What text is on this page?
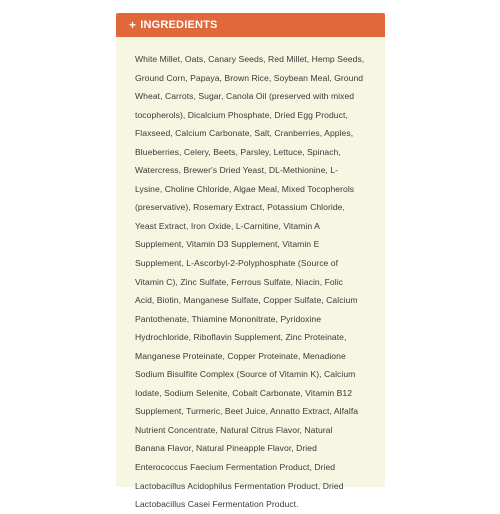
+ INGREDIENTS

White Millet, Oats, Canary Seeds, Red Millet, Hemp Seeds,
Ground Corn, Papaya, Brown Rice, Soybean Meal, Ground
Wheat, Carrots, Sugar, Canola Oil (preserved with mixed
tocopherols), Dicalcium Phosphate, Dried Egg Product,
Flaxseed, Calcium Carbonate, Salt, Cranberries, Apples,
Blueberries, Celery, Beets, Parsley, Lettuce, Spinach,
Watercress, Brewer's Dried Yeast, DL-Methionine, L-
Lysine, Choline Chloride, Algae Meal, Mixed Tocopherols
(preservative), Rosemary Extract, Potassium Chloride,
Yeast Extract, Iron Oxide, L-Carnitine, Vitamin A
Supplement, Vitamin D3 Supplement, Vitamin E
Supplement, L-Ascorbyl-2-Polyphosphate (Source of
Vitamin C), Zinc Sulfate, Ferrous Sulfate, Niacin, Folic
Acid, Biotin, Manganese Sulfate, Copper Sulfate, Calcium
Pantothenate, Thiamine Mononitrate, Pyridoxine
Hydrochloride, Riboflavin Supplement, Zinc Proteinate,
Manganese Proteinate, Copper Proteinate, Menadione
Sodium Bisulfite Complex (Source of Vitamin K), Calcium
Iodate, Sodium Selenite, Cobalt Carbonate, Vitamin B12
Supplement, Turmeric, Beet Juice, Annatto Extract, Alfalfa
Nutrient Concentrate, Natural Citrus Flavor, Natural
Banana Flavor, Natural Pineapple Flavor, Dried
Enterococcus Faecium Fermentation Product, Dried
Lactobacillus Acidophilus Fermentation Product, Dried
Lactobacillus Casei Fermentation Product.
